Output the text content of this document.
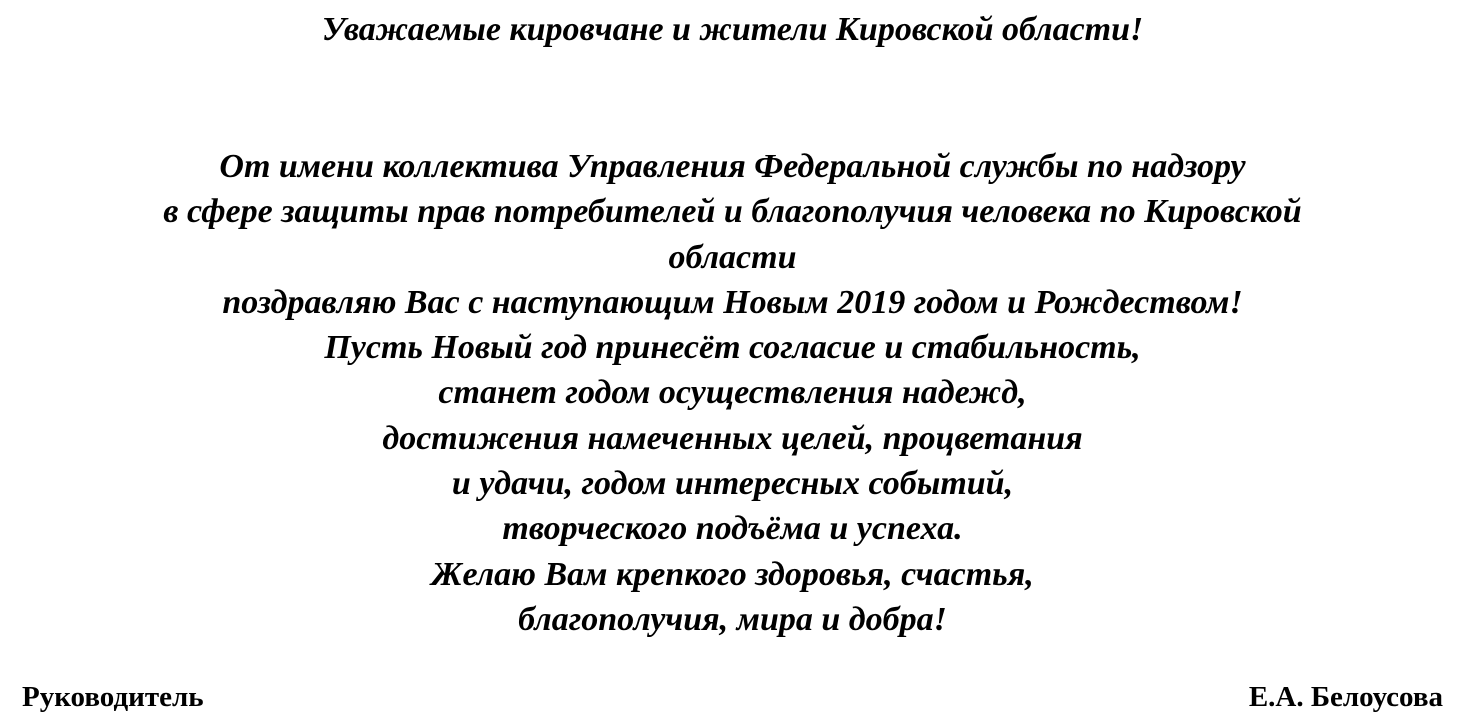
Уважаемые кировчане и жители Кировской области!

От имени коллектива Управления Федеральной службы по надзору
в сфере защиты прав потребителей и благополучия человека по Кировской
области
поздравляю Вас с наступающим Новым 2019 годом и Рождеством!
Пусть Новый год принесёт согласие и стабильность,
станет годом осуществления надежд,
достижения намеченных целей, процветания
и удачи, годом интересных событий,
творческого подъёма и успеха.
Желаю Вам крепкого здоровья, счастья,
благополучия, мира и добра!
Руководитель	Е.А. Белоусова
